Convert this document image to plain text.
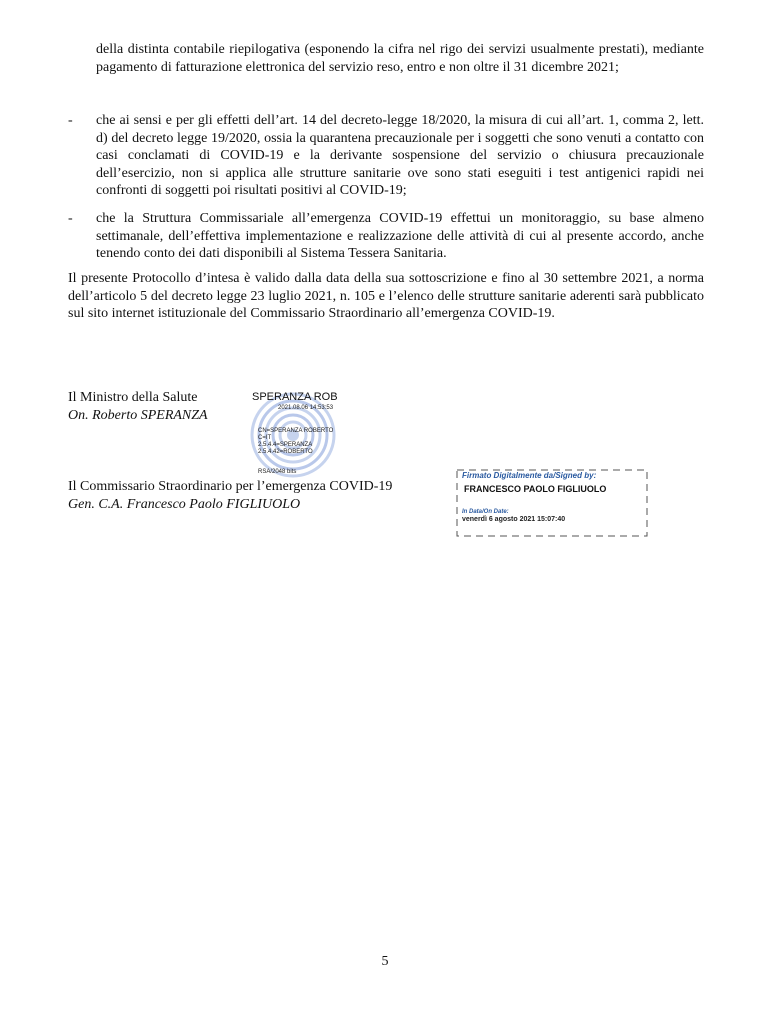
della distinta contabile riepilogativa (esponendo la cifra nel rigo dei servizi usualmente prestati), mediante pagamento di fatturazione elettronica del servizio reso, entro e non oltre il 31 dicembre 2021;
- che ai sensi e per gli effetti dell’art. 14 del decreto-legge 18/2020, la misura di cui all’art. 1, comma 2, lett. d) del decreto legge 19/2020, ossia la quarantena precauzionale per i soggetti che sono venuti a contatto con casi conclamati di COVID-19 e la derivante sospensione del servizio o chiusura precauzionale dell’esercizio, non si applica alle strutture sanitarie ove sono stati eseguiti i test antigenici rapidi nei confronti di soggetti poi risultati positivi al COVID-19;
- che la Struttura Commissariale all’emergenza COVID-19 effettui un monitoraggio, su base almeno settimanale, dell’effettiva implementazione e realizzazione delle attività di cui al presente accordo, anche tenendo conto dei dati disponibili al Sistema Tessera Sanitaria.
Il presente Protocollo d’intesa è valido dalla data della sua sottoscrizione e fino al 30 settembre 2021, a norma dell’articolo 5 del decreto legge 23 luglio 2021, n. 105 e l’elenco delle strutture sanitarie aderenti sarà pubblicato sul sito internet istituzionale del Commissario Straordinario all’emergenza COVID-19.
Il Ministro della Salute
On. Roberto SPERANZA
SPERANZA ROB
2021.08.06 14:53:53
CN=SPERANZA ROBERTO
C=IT
2.5.4.4=SPERANZA
2.5.4.42=ROBERTO
RSA/2048 bits
Il Commissario Straordinario per l’emergenza COVID-19
Gen. C.A. Francesco Paolo FIGLIUOLO
Firmato Digitalmente da/Signed by:
FRANCESCO PAOLO FIGLIUOLO
In Data/On Date:
venerdì 6 agosto 2021 15:07:40
5
